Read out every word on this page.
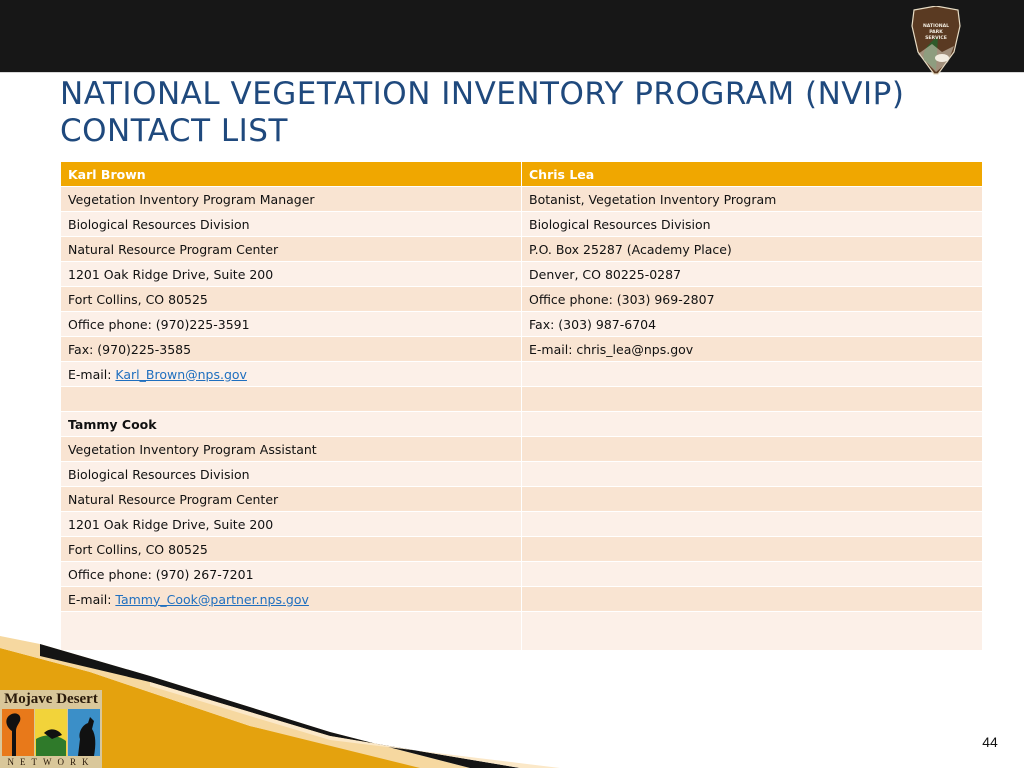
NATIONAL
PARK
SERVICE
NATIONAL VEGETATION INVENTORY PROGRAM (NVIP)
CONTACT LIST
Karl Brown	Chris Lea
Vegetation Inventory Program Manager	Botanist, Vegetation Inventory Program
Biological Resources Division	Biological Resources Division
Natural Resource Program Center	P.O. Box 25287 (Academy Place)
1201 Oak Ridge Drive, Suite 200	Denver, CO 80225-0287
Fort Collins, CO 80525	Office phone: (303) 969-2807
Office phone: (970)225-3591	Fax: (303) 987-6704
Fax: (970)225-3585	E-mail: chris_lea@nps.gov
E-mail: Karl_Brown@nps.gov	

Tammy Cook	
Vegetation Inventory Program Assistant	
Biological Resources Division	
Natural Resource Program Center	
1201 Oak Ridge Drive, Suite 200	
Fort Collins, CO 80525	
Office phone: (970) 267-7201	
E-mail: Tammy_Cook@partner.nps.gov	

Mojave Desert
NETWORK
44
